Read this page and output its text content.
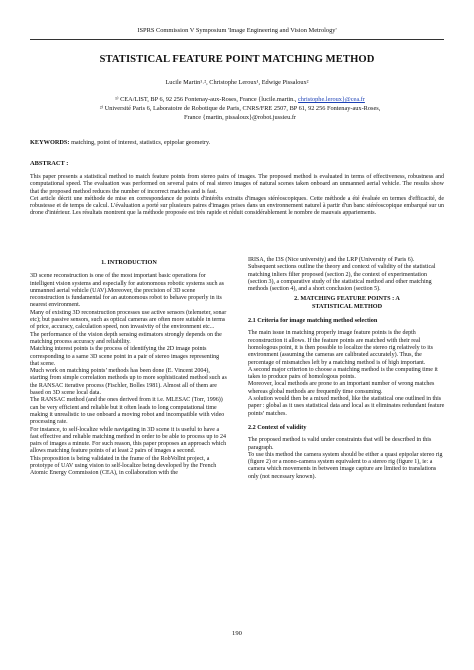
ISPRS Commission V Symposium 'Image Engineering and Vision Metrology'
STATISTICAL FEATURE POINT MATCHING METHOD
Lucile Martin¹˒², Christophe Leroux¹, Edwige Pissaloux²
¹⁾ CEA/LIST, BP 6, 92 256 Fontenay-aux-Roses, France {lucile.martin., christophe.leroux}@cea.fr
²⁾ Université Paris 6, Laboratoire de Robotique de Paris, CNRS/FRE 2507, BP 61, 92 256 Fontenay-aux-Roses,
France {martin, pissaloux}@robot.jussieu.fr
KEYWORDS: matching, point of interest, statistics, epipolar geometry.
ABSTRACT :

This paper presents a statistical method to match feature points from stereo pairs of images. The proposed method is evaluated in terms of effectiveness, robustness and computational speed. The evaluation was performed on several pairs of real stereo images of natural scenes taken onboard an unmanned aerial vehicle. The results show that the proposed method reduces the number of incorrect matches and is fast.

Cet article décrit une méthode de mise en correspondance de points d'intérêts extraits d'images stéréoscopiques. Cette méthode a été évaluée en termes d'efficacité, de robustesse et de temps de calcul. L'évaluation a porté sur plusieurs paires d'images prises dans un environnement naturel à partir d'un banc stéréoscopique embarqué sur un drone d'intérieur. Les résultats montrent que la méthode proposée est très rapide et réduit considérablement le nombre de mauvais appariements.

1. INTRODUCTION

3D scene reconstruction is one of the most important basic operations for intelligent vision systems and especially for autonomous robotic systems such as unmanned aerial vehicle (UAV).Moreover, the precision of 3D scene reconstruction is fundamental for an autonomous robot to behave properly in its nearest environment.

Many of existing 3D reconstruction processes use active sensors (telemeter, sonar etc); but passive sensors, such as optical cameras are often more suitable in terms of price, accuracy, calculation speed, non invasivity of the environment etc...

The performance of the vision depth sensing estimators strongly depends on the matching process accuracy and reliability.

Matching interest points is the process of identifying the 2D image points corresponding to a same 3D scene point in a pair of stereo images representing that scene.

Much work on matching points’ methods has been done (E. Vincent 2004), starting from simple correlation methods up to more sophisticated method such as the RANSAC iterative process (Fischler, Bolles 1981). Almost all of them are based on 3D scene local data.

The RANSAC method (and the ones derived from it i.e. MLESAC (Torr, 1996)) can be very efficient and reliable but it often leads to long computational time making it unrealistic to use onboard a moving robot and incompatible with video processing rate.

For instance, to self-localize while navigating in 3D scene it is useful to have a fast effective and reliable matching method in order to be able to process up to 24 pairs of images a minute. For such reason, this paper proposes an approach which allows matching feature points of at least 2 pairs of images a second.

This proposition is being validated in the frame of the RobVolInt project, a prototype of UAV using vision to self-localize being developed by the French Atomic Energy Commission (CEA), in collaboration with the

IRISA, the I3S (Nice university) and the LRP (University of Paris 6).

Subsequent sections outline the theory and context of validity of the statistical matching inliers filter proposed (section 2), the context of experimentation (section 3), a comparative study of the statistical method and other matching methods (section 4), and a short conclusion (section 5).

2. MATCHING FEATURE POINTS : A
STATISTICAL METHOD
2.1 Criteria for image matching method selection

The main issue in matching properly image feature points is the depth reconstruction it allows. If the feature points are matched with their real homologous point, it is then possible to localize the stereo rig relatively to its environment (assuming the cameras are calibrated accurately). Thus, the percentage of mismatches left by a matching method is of high important.

A second major criterion to choose a matching method is the computing time it takes to produce pairs of homologous points.

Moreover, local methods are prone to an important number of wrong matches whereas global methods are frequently time consuming.

A solution would then be a mixed method, like the statistical one outlined in this paper : global as it uses statistical data and local as it eliminates redundant feature points’ matches.

2.2 Context of validity

The proposed method is valid under constraints that will be described in this paragraph.

To use this method the camera system should be either a quasi epipolar stereo rig (figure 2) or a mono-camera system equivalent to a stereo rig (figure 1), ie: a camera which movements in between image capture are limited to translations only (not necessary known).

190
